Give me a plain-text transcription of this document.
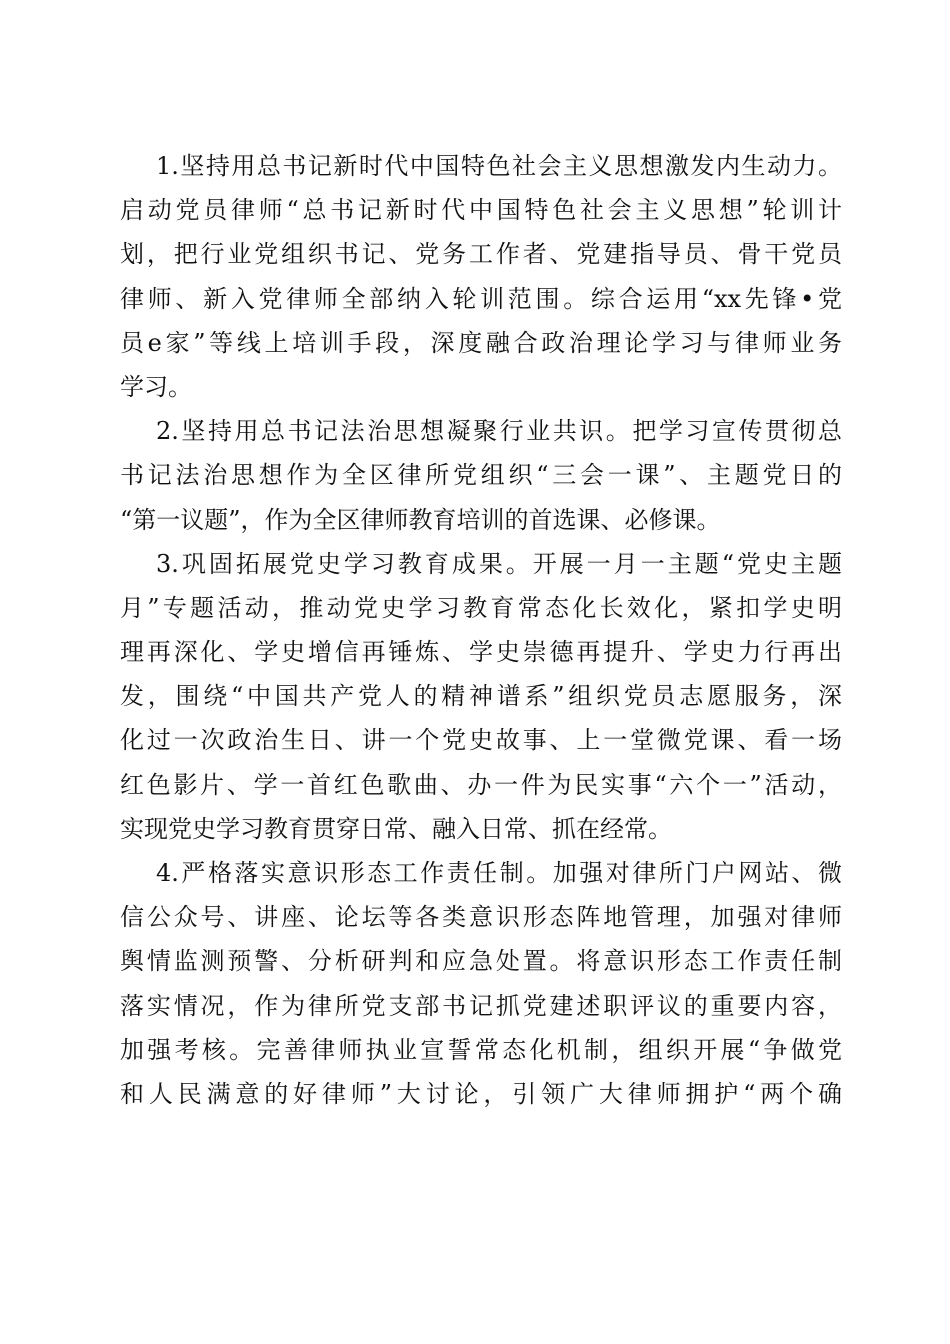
1.坚持用总书记新时代中国特色社会主义思想激发内生动力。
启动党员律师“总书记新时代中国特色社会主义思想”轮训计
划，把行业党组织书记、党务工作者、党建指导员、骨干党员
律师、新入党律师全部纳入轮训范围。综合运用“xx先锋•党
员e家”等线上培训手段，深度融合政治理论学习与律师业务
学习。
2.坚持用总书记法治思想凝聚行业共识。把学习宣传贯彻总
书记法治思想作为全区律所党组织“三会一课”、主题党日的
“第一议题”，作为全区律师教育培训的首选课、必修课。
3.巩固拓展党史学习教育成果。开展一月一主题“党史主题
月”专题活动，推动党史学习教育常态化长效化，紧扣学史明
理再深化、学史增信再锤炼、学史崇德再提升、学史力行再出
发，围绕“中国共产党人的精神谱系”组织党员志愿服务，深
化过一次政治生日、讲一个党史故事、上一堂微党课、看一场
红色影片、学一首红色歌曲、办一件为民实事“六个一”活动，
实现党史学习教育贯穿日常、融入日常、抓在经常。
4.严格落实意识形态工作责任制。加强对律所门户网站、微
信公众号、讲座、论坛等各类意识形态阵地管理，加强对律师
舆情监测预警、分析研判和应急处置。将意识形态工作责任制
落实情况，作为律所党支部书记抓党建述职评议的重要内容，
加强考核。完善律师执业宣誓常态化机制，组织开展“争做党
和人民满意的好律师”大讨论，引领广大律师拥护“两个确
